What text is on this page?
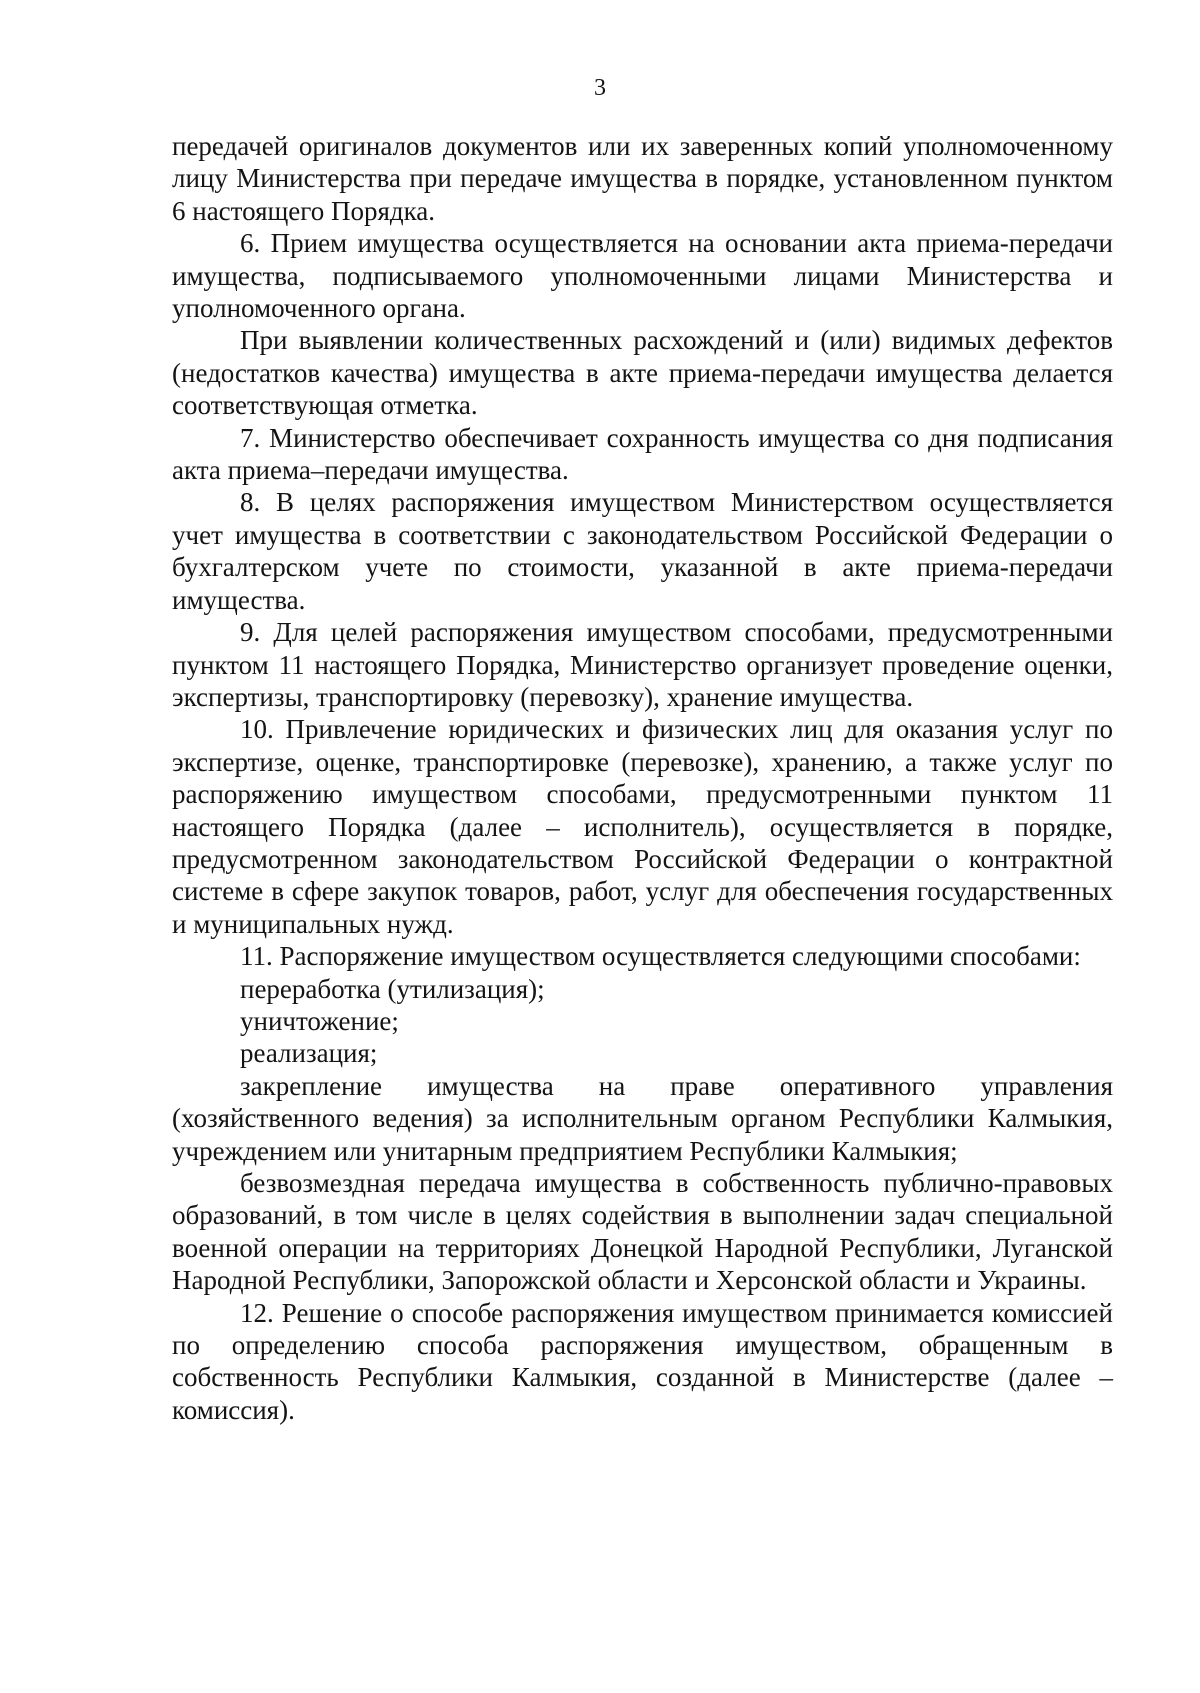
3

передачей оригиналов документов или их заверенных копий уполномоченному лицу Министерства при передаче имущества в порядке, установленном пунктом 6 настоящего Порядка.

6. Прием имущества осуществляется на основании акта приема-передачи имущества, подписываемого уполномоченными лицами Министерства и уполномоченного органа.

При выявлении количественных расхождений и (или) видимых дефектов (недостатков качества) имущества в акте приема-передачи имущества делается соответствующая отметка.

7. Министерство обеспечивает сохранность имущества со дня подписания акта приема–передачи имущества.

8. В целях распоряжения имуществом Министерством осуществляется учет имущества в соответствии с законодательством Российской Федерации о бухгалтерском учете по стоимости, указанной в акте приема-передачи имущества.

9. Для целей распоряжения имуществом способами, предусмотренными пунктом 11 настоящего Порядка, Министерство организует проведение оценки, экспертизы, транспортировку (перевозку), хранение имущества.

10. Привлечение юридических и физических лиц для оказания услуг по экспертизе, оценке, транспортировке (перевозке), хранению, а также услуг по распоряжению имуществом способами, предусмотренными пунктом 11 настоящего Порядка (далее – исполнитель), осуществляется в порядке, предусмотренном законодательством Российской Федерации о контрактной системе в сфере закупок товаров, работ, услуг для обеспечения государственных и муниципальных нужд.

11. Распоряжение имуществом осуществляется следующими способами:

переработка (утилизация);

уничтожение;

реализация;

закрепление имущества на праве оперативного управления (хозяйственного ведения) за исполнительным органом Республики Калмыкия, учреждением или унитарным предприятием Республики Калмыкия;

безвозмездная передача имущества в собственность публично-правовых образований, в том числе в целях содействия в выполнении задач специальной военной операции на территориях Донецкой Народной Республики, Луганской Народной Республики, Запорожской области и Херсонской области и Украины.

12. Решение о способе распоряжения имуществом принимается комиссией по определению способа распоряжения имуществом, обращенным в собственность Республики Калмыкия, созданной в Министерстве (далее – комиссия).
